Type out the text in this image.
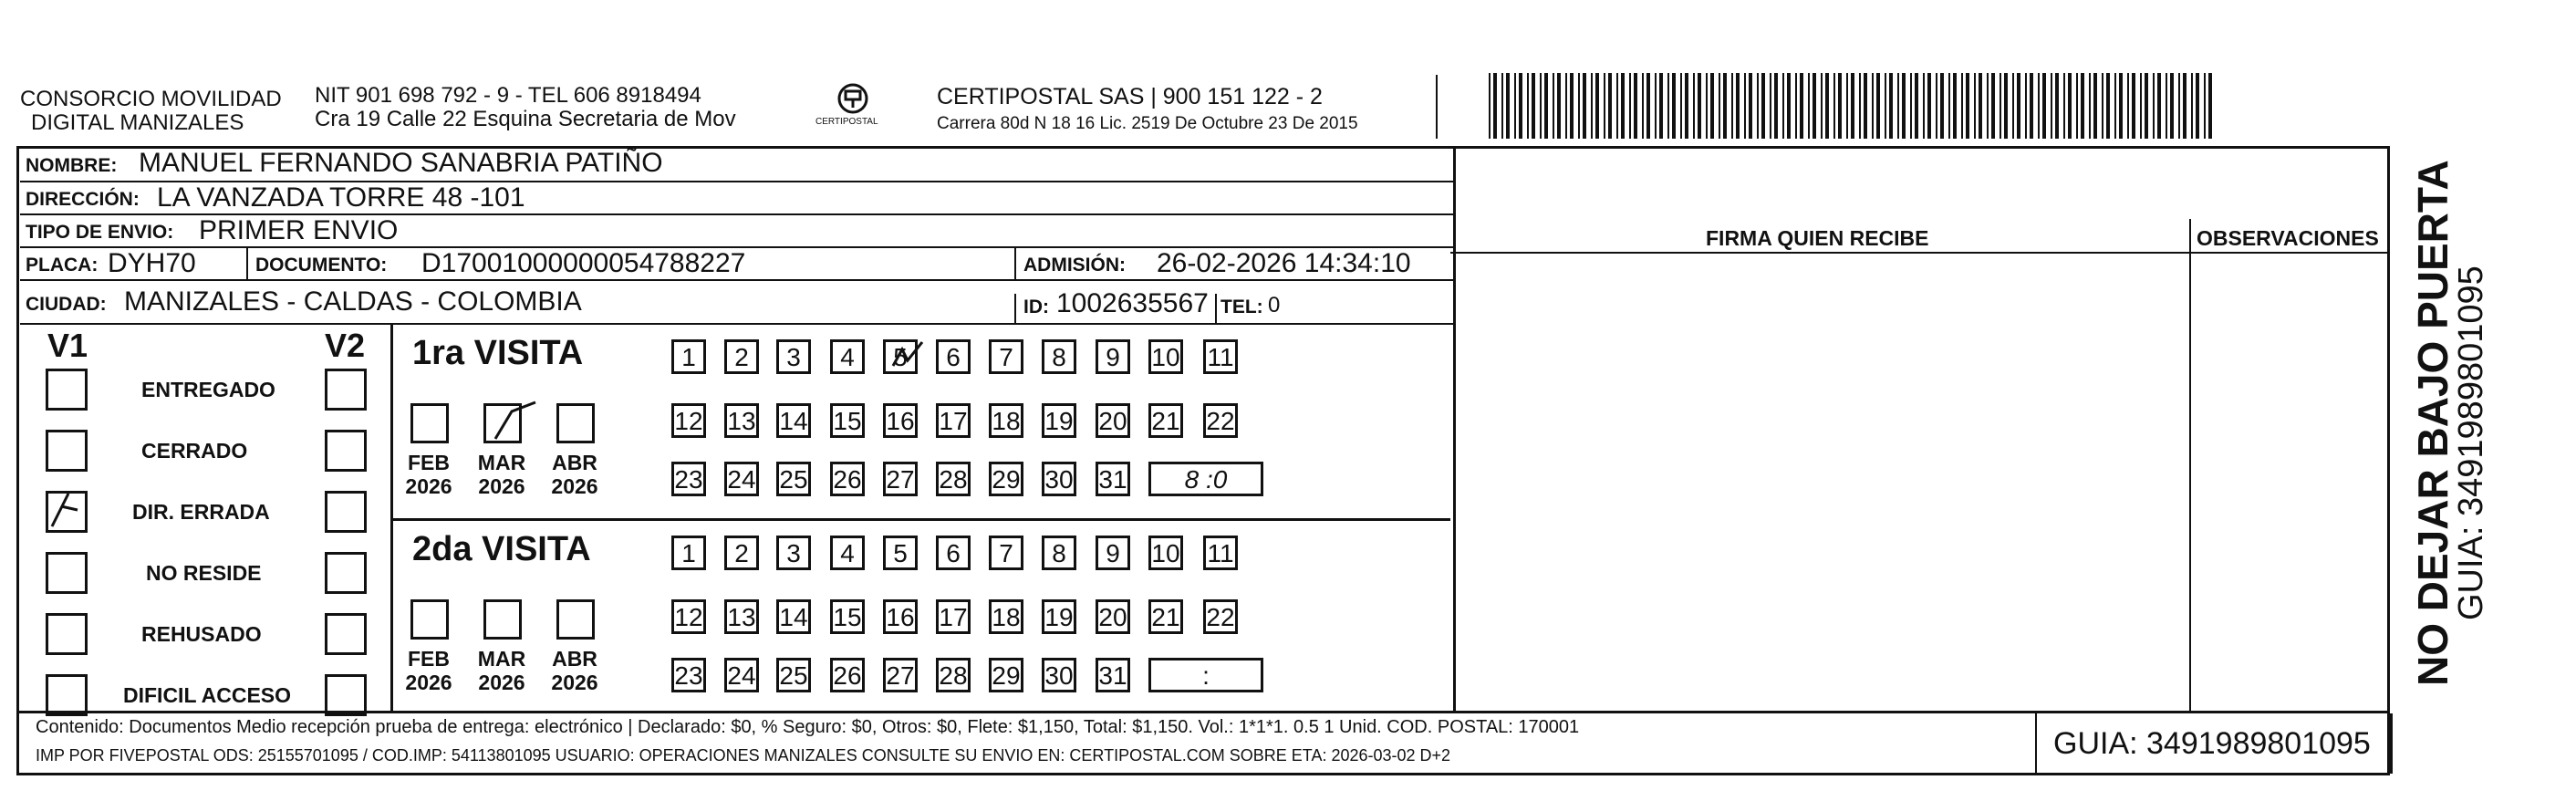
CONSORCIO MOVILIDAD
DIGITAL MANIZALES
NIT 901 698 792 - 9 - TEL 606 8918494
Cra 19 Calle 22 Esquina Secretaria de Mov	CERTIPOSTAL
CERTIPOSTAL SAS | 900 151 122 - 2
Carrera 80d N 18 16 Lic. 2519 De Octubre 23 De 2015
NOMBRE: MANUEL FERNANDO SANABRIA PATIÑO
DIRECCIÓN: LA VANZADA TORRE 48 -101
TIPO DE ENVIO: PRIMER ENVIO
PLACA: DYH70	DOCUMENTO: D17001000000054788227	ADMISIÓN: 26-02-2026 14:34:10
CIUDAD: MANIZALES - CALDAS - COLOMBIA	ID: 1002635567 TEL: 0
FIRMA QUIEN RECIBE	OBSERVACIONES
V1	V2
ENTREGADO
CERRADO
DIR. ERRADA
NO RESIDE
REHUSADO
DIFICIL ACCESO
1ra VISITA
FEB
2026
MAR
2026
ABR
2026
1	2	3	4	5	6	7	8	9	10 11
12 13 14 15 16 17 18 19 20 21 22
23 24 25 26 27 28 29 30 31	8 :0
2da VISITA
FEB
2026
MAR
2026
ABR
2026
1	2	3	4	5	6	7	8	9	10 11
12 13 14 15 16 17 18 19 20 21 22
23 24 25 26 27 28 29 30 31	:
Contenido: Documentos Medio recepción prueba de entrega: electrónico | Declarado: $0, % Seguro: $0, Otros: $0, Flete: $1,150, Total: $1,150. Vol.: 1*1*1. 0.5 1 Unid. COD. POSTAL: 170001
IMP POR FIVEPOSTAL ODS: 25155701095 / COD.IMP: 54113801095 USUARIO: OPERACIONES MANIZALES CONSULTE SU ENVIO EN: CERTIPOSTAL.COM SOBRE ETA: 2026-03-02 D+2	GUIA: 3491989801095
NO DEJAR BAJO PUERTA
GUIA: 3491989801095
